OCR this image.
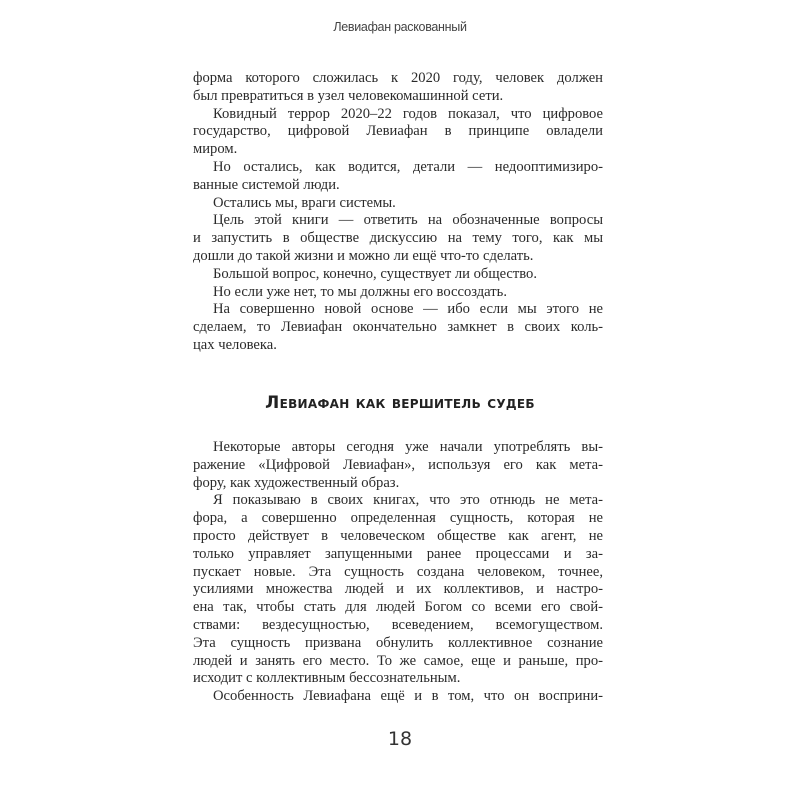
Левиафан раскованный
форма которого сложилась к 2020 году, человек должен
был превратиться в узел человекомашинной сети.
Ковидный террор 2020–22 годов показал, что цифровое
государство, цифровой Левиафан в принципе овладели
миром.
Но остались, как водится, детали — недооптимизиро-
ванные системой люди.
Остались мы, враги системы.
Цель этой книги — ответить на обозначенные вопросы
и запустить в обществе дискуссию на тему того, как мы
дошли до такой жизни и можно ли ещё что-то сделать.
Большой вопрос, конечно, существует ли общество.
Но если уже нет, то мы должны его воссоздать.
На совершенно новой основе — ибо если мы этого не
сделаем, то Левиафан окончательно замкнет в своих коль-
цах человека.
Левиафан как вершитель судеб
Некоторые авторы сегодня уже начали употреблять вы-
ражение «Цифровой Левиафан», используя его как мета-
фору, как художественный образ.
Я показываю в своих книгах, что это отнюдь не мета-
фора, а совершенно определенная сущность, которая не
просто действует в человеческом обществе как агент, не
только управляет запущенными ранее процессами и за-
пускает новые. Эта сущность создана человеком, точнее,
усилиями множества людей и их коллективов, и настро-
ена так, чтобы стать для людей Богом со всеми его свой-
ствами: вездесущностью, всеведением, всемогуществом.
Эта сущность призвана обнулить коллективное сознание
людей и занять его место. То же самое, еще и раньше, про-
исходит с коллективным бессознательным.
Особенность Левиафана ещё и в том, что он восприни-
18
